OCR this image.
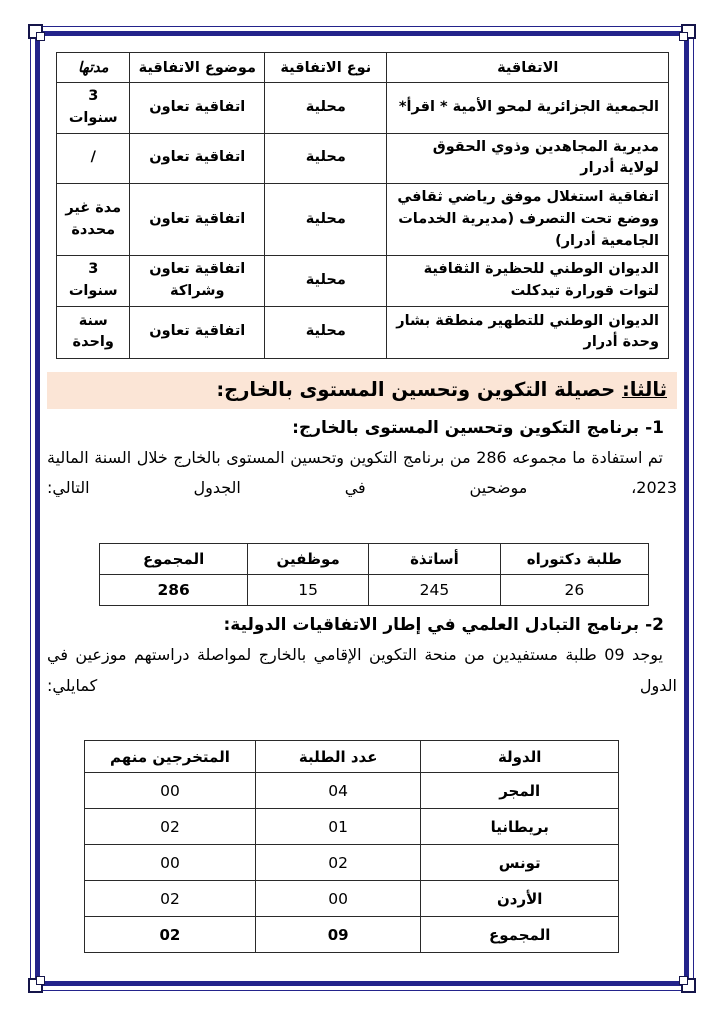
الاتفاقية	نوع الاتفاقية	موضوع الاتفاقية	مدتها
الجمعية الجزائرية لمحو الأمية * اقرأ*	محلية	اتفاقية تعاون	3 سنوات
مديرية المجاهدين وذوي الحقوق لولاية أدرار	محلية	اتفاقية تعاون	/
اتفاقية استغلال موفق رياضي ثقافي ووضع تحت التصرف (مديرية الخدمات الجامعية أدرار)	محلية	اتفاقية تعاون	مدة غير محددة
الديوان الوطني للحظيرة الثقافية لتوات قورارة تيدكلت	محلية	اتفاقية تعاون وشراكة	3 سنوات
الديوان الوطني للتطهير منطقة بشار وحدة أدرار	محلية	اتفاقية تعاون	سنة واحدة
ثالثا: حصيلة التكوين وتحسين المستوى بالخارج:
1- برنامج التكوين وتحسين المستوى بالخارج:

تم استفادة ما مجموعه 286 من برنامج التكوين وتحسين المستوى بالخارج خلال السنة المالية 2023، موضحين في الجدول التالي:

طلبة دكتوراه	أساتذة	موظفين	المجموع
26	245	15	286
2- برنامج التبادل العلمي في إطار الاتفاقيات الدولية:

يوجد 09 طلبة مستفيدين من منحة التكوين الإقامي بالخارج لمواصلة دراستهم موزعين في الدول كمايلي:

الدولة	عدد الطلبة	المتخرجين منهم
المجر	04	00
بريطانيا	01	02
تونس	02	00
الأردن	00	02
المجموع	09	02
